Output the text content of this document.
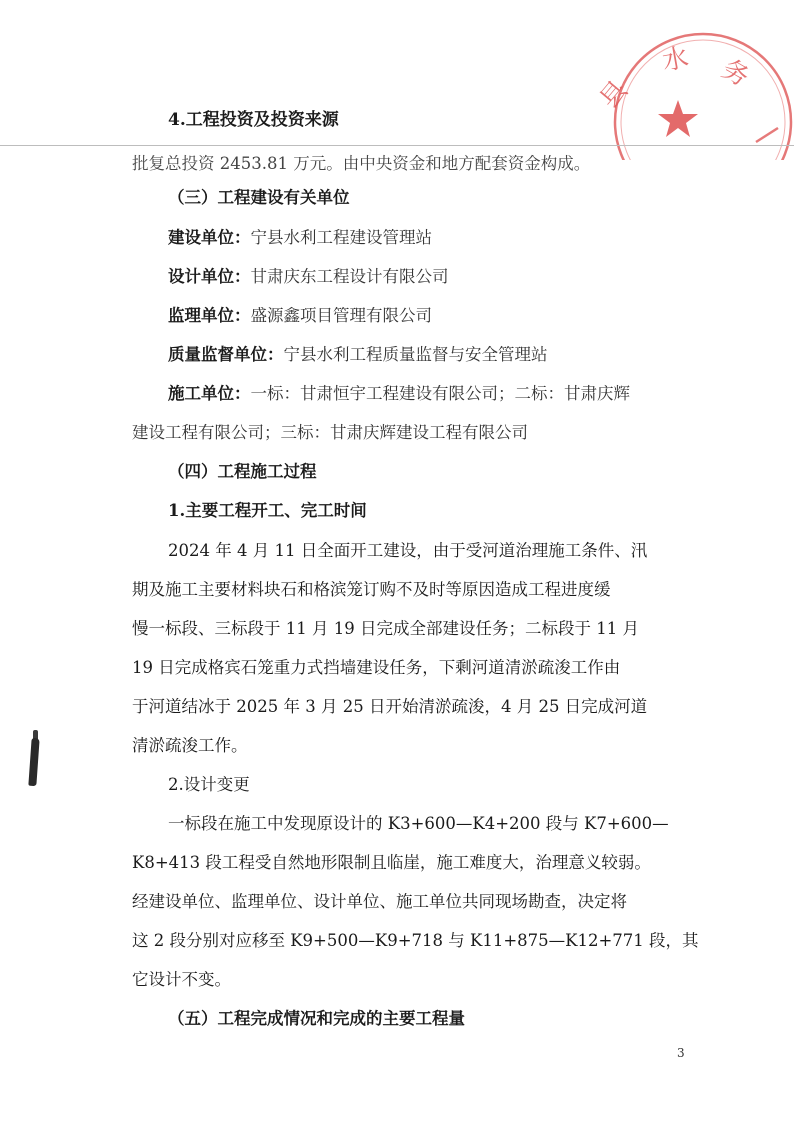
县
水 务
4.工程投资及投资来源
批复总投资 2453.81 万元。由中央资金和地方配套资金构成。
（三）工程建设有关单位
建设单位：宁县水利工程建设管理站
设计单位：甘肃庆东工程设计有限公司
监理单位：盛源鑫项目管理有限公司
质量监督单位：宁县水利工程质量监督与安全管理站
施工单位：一标：甘肃恒宇工程建设有限公司；二标：甘肃庆辉
建设工程有限公司；三标：甘肃庆辉建设工程有限公司
（四）工程施工过程
1.主要工程开工、完工时间
2024 年 4 月 11 日全面开工建设，由于受河道治理施工条件、汛
期及施工主要材料块石和格滨笼订购不及时等原因造成工程进度缓
慢一标段、三标段于 11 月 19 日完成全部建设任务；二标段于 11 月
19 日完成格宾石笼重力式挡墙建设任务，下剩河道清淤疏浚工作由
于河道结冰于 2025 年 3 月 25 日开始清淤疏浚，4 月 25 日完成河道
清淤疏浚工作。
2.设计变更
一标段在施工中发现原设计的 K3+600—K4+200 段与 K7+600—
K8+413 段工程受自然地形限制且临崖，施工难度大，治理意义较弱。
经建设单位、监理单位、设计单位、施工单位共同现场勘查，决定将
这 2 段分别对应移至 K9+500—K9+718 与 K11+875—K12+771 段，其
它设计不变。
（五）工程完成情况和完成的主要工程量
3
